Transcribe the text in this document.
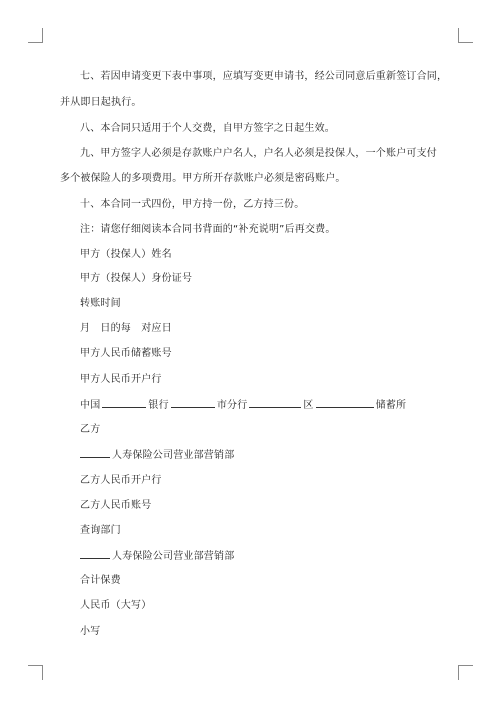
七、若因申请变更下表中事项，应填写变更申请书，经公司同意后重新签订合同，
并从即日起执行。
八、本合同只适用于个人交费，自甲方签字之日起生效。
九、甲方签字人必须是存款账户户名人，户名人必须是投保人，一个账户可支付
多个被保险人的多项费用。甲方所开存款账户必须是密码账户。
十、本合同一式四份，甲方持一份，乙方持三份。
注：请您仔细阅读本合同书背面的“补充说明”后再交费。
甲方（投保人）姓名
甲方（投保人）身份证号
转账时间
月　日的每　对应日
甲方人民币储蓄账号
甲方人民币开户行
中国	银行	市分行	区	储蓄所
乙方
人寿保险公司营业部营销部
乙方人民币开户行
乙方人民币账号
查询部门
人寿保险公司营业部营销部
合计保费
人民币（大写）
小写
